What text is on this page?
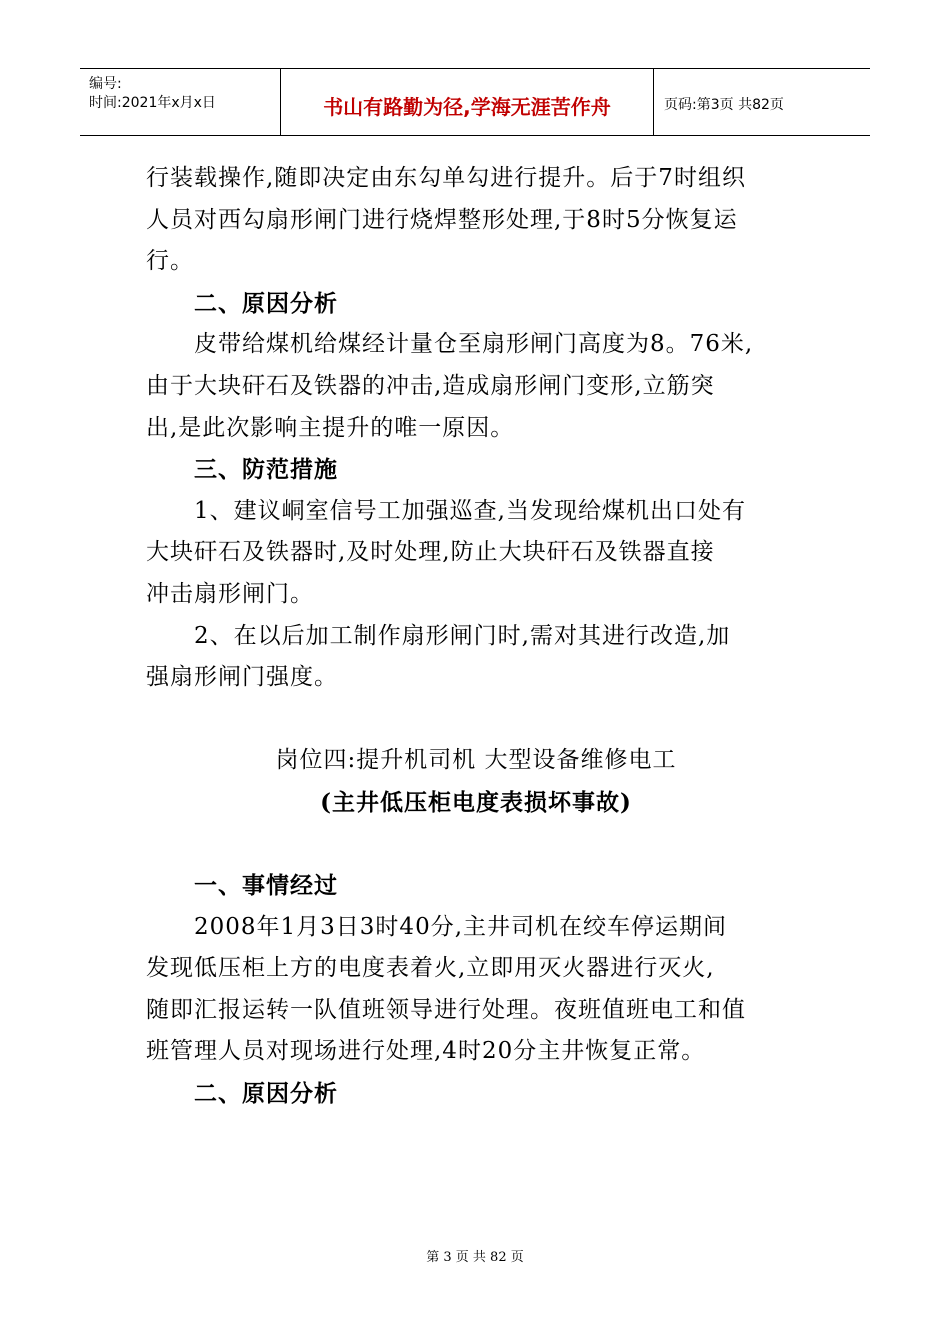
编号:
时间:2021年x月x日	书山有路勤为径,学海无涯苦作舟	页码:第3页 共82页
行装载操作,随即决定由东勾单勾进行提升。后于7时组织
人员对西勾扇形闸门进行烧焊整形处理,于8时5分恢复运
行。
二、原因分析
皮带给煤机给煤经计量仓至扇形闸门高度为8。76米,
由于大块矸石及铁器的冲击,造成扇形闸门变形,立筋突
出,是此次影响主提升的唯一原因。
三、防范措施
1、建议峒室信号工加强巡查,当发现给煤机出口处有
大块矸石及铁器时,及时处理,防止大块矸石及铁器直接
冲击扇形闸门。
2、在以后加工制作扇形闸门时,需对其进行改造,加
强扇形闸门强度。
岗位四:提升机司机 大型设备维修电工
(主井低压柜电度表损坏事故)
一、事情经过
2008年1月3日3时40分,主井司机在绞车停运期间
发现低压柜上方的电度表着火,立即用灭火器进行灭火,
随即汇报运转一队值班领导进行处理。夜班值班电工和值
班管理人员对现场进行处理,4时20分主井恢复正常。
二、原因分析
第 3 页 共 82 页
